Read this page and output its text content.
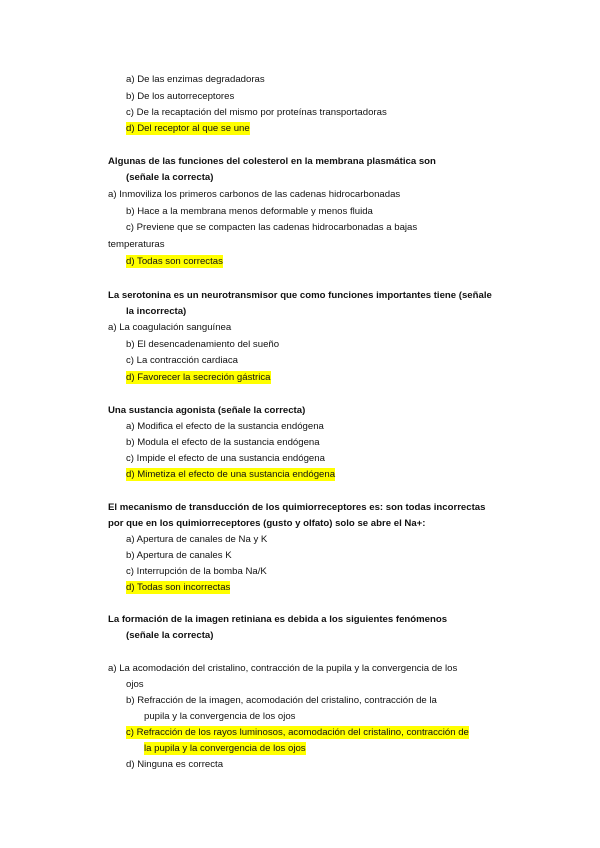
a) De las enzimas degradadoras
b) De los autorreceptores
c) De la recaptación del mismo por proteínas transportadoras
d) Del receptor al que se une
Algunas de las funciones del colesterol en la membrana plasmática son
(señale la correcta)
a) Inmoviliza los primeros carbonos de las cadenas hidrocarbonadas
b) Hace a la membrana menos deformable y menos fluida
c) Previene que se compacten las cadenas hidrocarbonadas a bajas
temperaturas
d) Todas son correctas
La serotonina es un neurotransmisor que como funciones importantes tiene (señale
la incorrecta)
a) La coagulación sanguínea
b) El desencadenamiento del sueño
c) La contracción cardiaca
d) Favorecer la secreción gástrica
Una sustancia agonista (señale la correcta)
a) Modifica el efecto de la sustancia endógena
b) Modula el efecto de la sustancia endógena
c) Impide el efecto de una sustancia endógena
d) Mimetiza el efecto de una sustancia endógena
El mecanismo de transducción de los quimiorreceptores es: son todas incorrectas
por que en los quimiorreceptores (gusto y olfato) solo se abre el Na+:
a) Apertura de canales de Na y K
b) Apertura de canales K
c) Interrupción de la bomba Na/K
d) Todas son incorrectas
La formación de la imagen retiniana es debida a los siguientes fenómenos
(señale la correcta)
a) La acomodación del cristalino, contracción de la pupila y la convergencia de los
ojos
b) Refracción de la imagen, acomodación del cristalino, contracción de la
pupila y la convergencia de los ojos
c) Refracción de los rayos luminosos, acomodación del cristalino, contracción de
la pupila y la convergencia de los ojos
d) Ninguna es correcta
